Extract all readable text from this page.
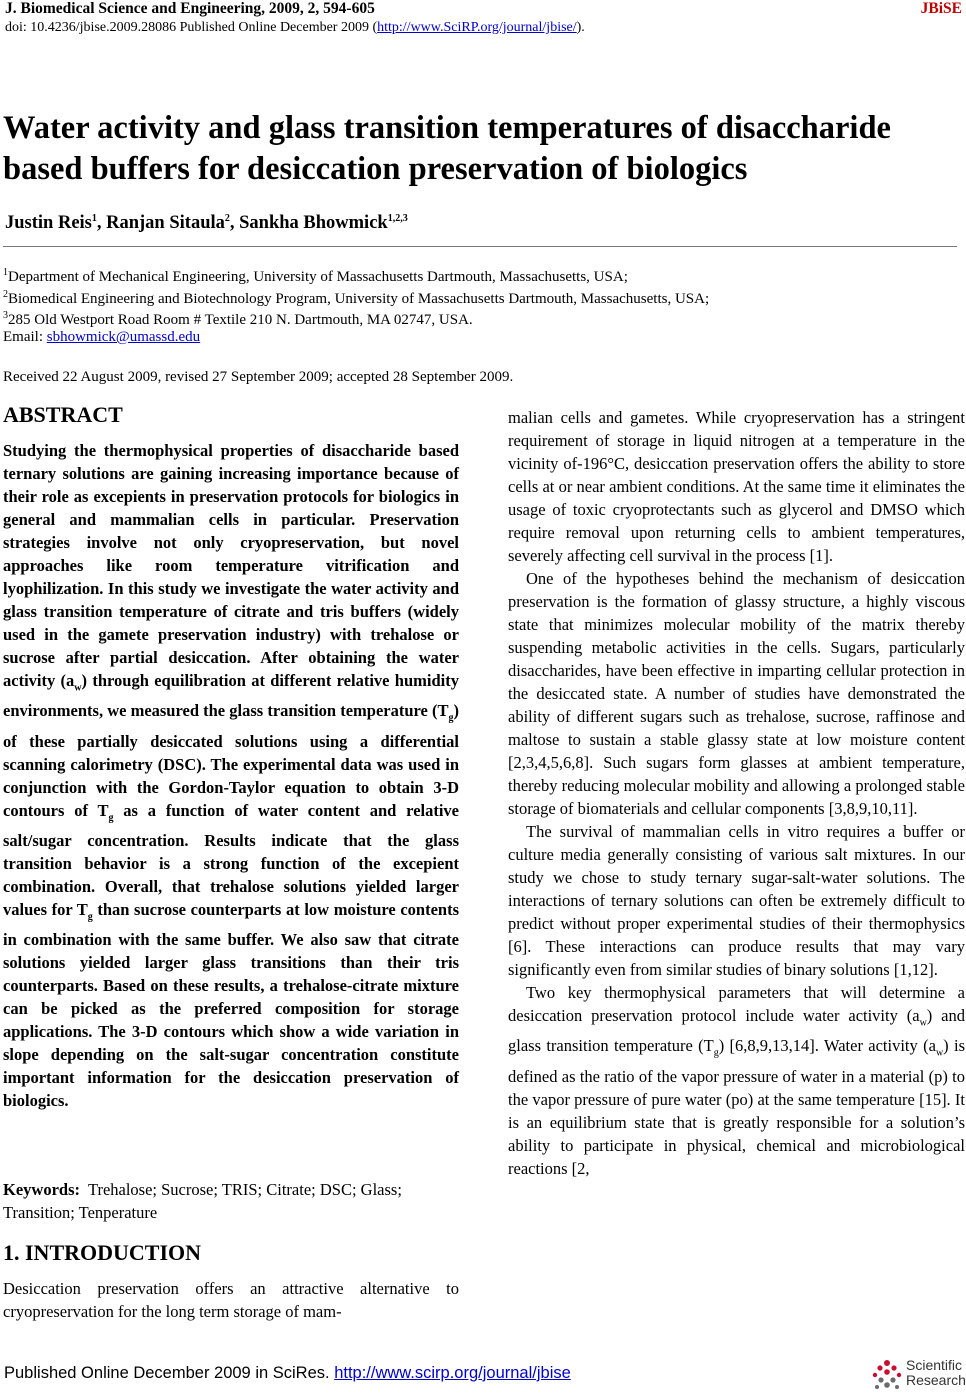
J. Biomedical Science and Engineering, 2009, 2, 594-605	JBiSE
doi: 10.4236/jbise.2009.28086 Published Online December 2009 (http://www.SciRP.org/journal/jbise/).
Water activity and glass transition temperatures of disaccharide based buffers for desiccation preservation of biologics
Justin Reis$^1$, Ranjan Sitaula$^2$, Sankha Bhowmick$^{1,2,3}$
$^1$Department of Mechanical Engineering, University of Massachusetts Dartmouth, Massachusetts, USA;
$^2$Biomedical Engineering and Biotechnology Program, University of Massachusetts Dartmouth, Massachusetts, USA;
$^3$285 Old Westport Road Room # Textile 210 N. Dartmouth, MA 02747, USA.
Email: sbhowmick@umassd.edu
Received 22 August 2009, revised 27 September 2009; accepted 28 September 2009.
ABSTRACT
Studying the thermophysical properties of disaccharide based ternary solutions are gaining increasing importance because of their role as excepients in preservation protocols for biologics in general and mammalian cells in particular. Preservation strategies involve not only cryopreservation, but novel approaches like room temperature vitrification and lyophilization. In this study we investigate the water activity and glass transition temperature of citrate and tris buffers (widely used in the gamete preservation industry) with trehalose or sucrose after partial desiccation. After obtaining the water activity $(a_w)$ through equilibration at different relative humidity environments, we measured the glass transition temperature $(T_g)$ of these partially desiccated solutions using a differential scanning calorimetry (DSC). The experimental data was used in conjunction with the Gordon-Taylor equation to obtain 3-D contours of $T_g$ as a function of water content and relative salt/sugar concentration. Results indicate that the glass transition behavior is a strong function of the excepient combination. Overall, that trehalose solutions yielded larger values for $T_g$ than sucrose counterparts at low moisture contents in combination with the same buffer. We also saw that citrate solutions yielded larger glass transitions than their tris counterparts. Based on these results, a trehalose-citrate mixture can be picked as the preferred composition for storage applications. The 3-D contours which show a wide variation in slope depending on the salt-sugar concentration constitute important information for the desiccation preservation of biologics.
Keywords: Trehalose; Sucrose; TRIS; Citrate; DSC; Glass; Transition; Tenperature
1. INTRODUCTION
Desiccation preservation offers an attractive alternative to cryopreservation for the long term storage of mam-

malian cells and gametes. While cryopreservation has a stringent requirement of storage in liquid nitrogen at a temperature in the vicinity of-196°C, desiccation preservation offers the ability to store cells at or near ambient conditions. At the same time it eliminates the usage of toxic cryoprotectants such as glycerol and DMSO which require removal upon returning cells to ambient temperatures, severely affecting cell survival in the process [1].

One of the hypotheses behind the mechanism of desiccation preservation is the formation of glassy structure, a highly viscous state that minimizes molecular mobility of the matrix thereby suspending metabolic activities in the cells. Sugars, particularly disaccharides, have been effective in imparting cellular protection in the desiccated state. A number of studies have demonstrated the ability of different sugars such as trehalose, sucrose, raffinose and maltose to sustain a stable glassy state at low moisture content [2,3,4,5,6,8]. Such sugars form glasses at ambient temperature, thereby reducing molecular mobility and allowing a prolonged stable storage of biomaterials and cellular components [3,8,9,10,11].

The survival of mammalian cells in vitro requires a buffer or culture media generally consisting of various salt mixtures. In our study we chose to study ternary sugar-salt-water solutions. The interactions of ternary solutions can often be extremely difficult to predict without proper experimental studies of their thermophysics [6]. These interactions can produce results that may vary significantly even from similar studies of binary solutions [1,12].

Two key thermophysical parameters that will determine a desiccation preservation protocol include water activity $(a_w)$ and glass transition temperature $(T_g)$ [6,8,9,13,14]. Water activity $(a_w)$ is defined as the ratio of the vapor pressure of water in a material (p) to the vapor pressure of pure water (po) at the same temperature [15]. It is an equilibrium state that is greatly responsible for a solution’s ability to participate in physical, chemical and microbiological reactions [2,

Published Online December 2009 in SciRes. http://www.scirp.org/journal/jbise	Scientific
Research
